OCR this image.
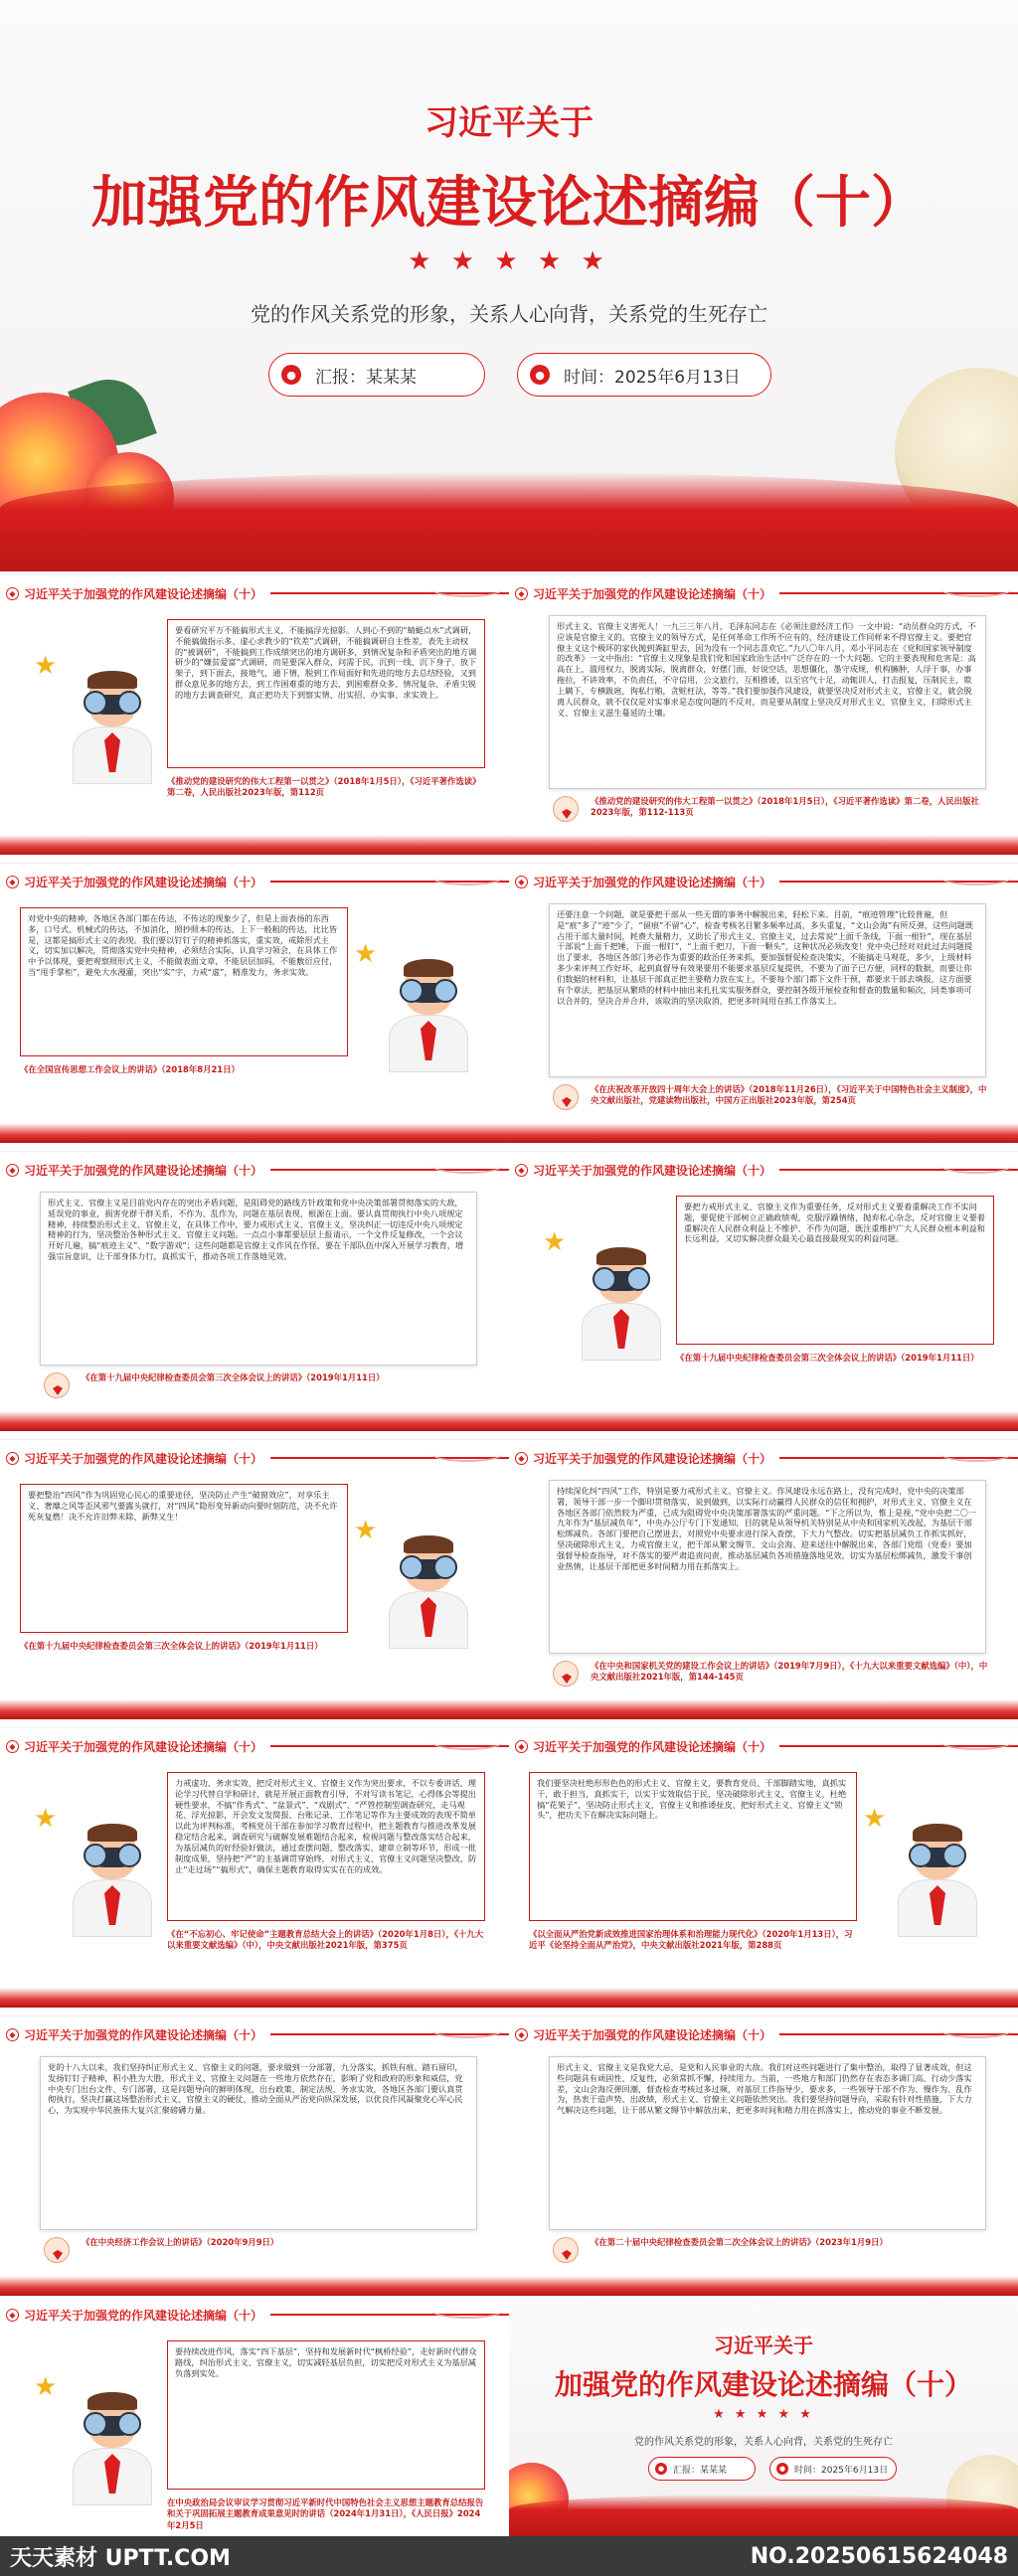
习近平关于
加强党的作风建设论述摘编（十）
★ ★ ★ ★ ★
党的作风关系党的形象，关系人心向背，关系党的生死存亡
●	汇报：某某某	●	时间：2025年6月13日
◆ 习近平关于加强党的作风建设论述摘编（十）
★
要看研究平万不能搞形式主义，不能搞浮光掠影。人到心不到的“蜻蜓点水”式调研，不能搞做指示多、虚心求教少的“钦差”式调研，不能搞调研自主性差，表先主动权的“被调研”，不能搞到工作成绩突出的地方调研多，到情况复杂和矛盾突出的地方调研少的“嫌贫爱富”式调研，而是要深入群众，问需于民，沉到一线、沉下身子，放下架子，到下面去，接地气，通下情，脱到工作局面好和先进的地方去总结经验，又到群众意见多的地方去，到工作困难重的地方去，到困难群众多、情况复杂、矛盾尖锐的地方去调查研究，真正把功夫下到察实情、出实招、办实事、求实效上。
《推动党的建设研究的伟大工程第一以贯之》（2018年1月5日），《习近平著作选读》第二卷，人民出版社2023年版，第112页
◆ 习近平关于加强党的作风建设论述摘编（十）
形式主义、官僚主义害死人！一九三三年八月，毛泽东同志在《必须注意经济工作》一文中说：“动员群众的方式，不应该是官僚主义的。官僚主义的领导方式，是任何革命工作所不应有的，经济建设工作同样来不得官僚主义。要把官僚主义这个极坏的家伙抛到粪缸里去，因为没有一个同志喜欢它。”九八〇年八月，邓小平同志在《党和国家领导制度的改革》一文中指出：“官僚主义现象是我们党和国家政治生活中广泛存在的一个大问题。它的主要表现和危害是：高高在上，滥用权力，脱离实际，脱离群众，好摆门面，好说空话，思想僵化，墨守成规，机构臃肿，人浮于事，办事拖拉，不讲效率，不负责任，不守信用，公文旅行，互相推诿，以至官气十足，动辄训人，打击报复，压制民主，欺上瞒下，专横跋扈，徇私行贿，贪赃枉法，等等。”我们要加强作风建设，就要坚决反对形式主义，官僚主义，就会脱离人民群众，就不仅仅是对实事求是态度问题的不反对，而是要从制度上坚决反对形式主义，官僚主义，扫除形式主义、官僚主义滋生蔓延的土壤。
《推动党的建设研究的伟大工程第一以贯之》（2018年1月5日），《习近平著作选读》第二卷，人民出版社2023年版，第112-113页
◆ 习近平关于加强党的作风建设论述摘编（十）
★
对党中央的精神，各地区各部门都在传达，不传达的现象少了，但是上面表扬的东西多，口号式、机械式的传达，不加消化，照抄照本的传达，上下一般粗的传达，比比皆是，这都是搞形式主义的表现。我们要以钉钉子的精神抓落实，重实效，戒除形式主义，切实加以解决，贯彻落实党中央精神，必须结合实际，认真学习领会，在具体工作中予以体现，要把观察照形式主义，不能做表面文章，不能层层加码，不能敷衍应付，当“甩手掌柜”，避免大水漫灌，突出“实”字，力戒“虚”，精准发力，务求实效。
《在全国宣传思想工作会议上的讲话》（2018年8月21日）
◆ 习近平关于加强党的作风建设论述摘编（十）
还要注意一个问题，就是要把干部从一些无谓的事务中解脱出来，轻松下来。目前，“痕迹管理”比较普遍，但是“痕”多了“迹”少了，“留痕”不留“心”，检查考核名目繁多频率过高，多头重复，“文山会海”有所反弹，这些问题既占用干部大量时间，耗费大量精力，又助长了形式主义、官僚主义，过去常说“上面千条线，下面一根针”，现在基层干部说“上面千把锤，下面一根钉”，“上面千把刀，下面一颗头”，这种状况必须改变！党中央已经对对此过去问题提出了要求，各地区各部门务必作为重要的政治任务来抓，要加强督促检查决策实，不能搞走马观花，多少，上级材料多少来评判工作好坏，起到真督导有效果要用不能要求基层反复提供，不要为了面子已方便，同样的数据，而要让你们数据的材料和，让基层干部真正把主要精力放在实上，不要每个部门都下文件干预，都要求干部去填报，这方面要有个章法，把基层从繁琐的材料中抽出来扎扎实实服务群众，要控制各级开展检查和督查的数量和频次，同类事项可以合并的，坚决合并合并，该取消的坚决取消，把更多时间用在抓工作落实上。
《在庆祝改革开放四十周年大会上的讲话》（2018年11月26日），《习近平关于中国特色社会主义制度》，中央文献出版社，党建读物出版社，中国方正出版社2023年版，第254页
◆ 习近平关于加强党的作风建设论述摘编（十）
形式主义、官僚主义是目前党内存在的突出矛盾问题，是阻碍党的路线方针政策和党中央决策部署贯彻落实的大敌，延误党的事业，损害党群干群关系，不作为、乱作为，问题在基层表现，根源在上面。要认真贯彻执行中央八项规定精神，持续整治形式主义、官僚主义，在具体工作中，要力戒形式主义、官僚主义，坚决纠正一切违反中央八项规定精神的行为，坚决整治各种形式主义、官僚主义问题。一点点小事都要层层上报请示，一个文件反复修改，一个会议开好几遍，搞“痕迹主义”、“数字游戏”；这些问题都是官僚主义作风在作怪，要在干部队伍中深入开展学习教育，增强宗旨意识，让干部身体力行，真抓实干，推动各项工作落地见效。
《在第十九届中央纪律检查委员会第三次全体会议上的讲话》（2019年1月11日）
◆ 习近平关于加强党的作风建设论述摘编（十）
★
要把力戒形式主义、官僚主义作为重要任务，反对形式主义要着重解决工作不实问题，要促使干部树立正确政绩观，克服浮躁情绪，抛弃私心杂念，反对官僚主义要着重解决在人民群众利益上不维护、不作为问题，既注重维护广大人民群众根本利益和长远利益，又切实解决群众最关心最直接最现实的利益问题。
《在第十九届中央纪律检查委员会第三次全体会议上的讲话》（2019年1月11日）
◆ 习近平关于加强党的作风建设论述摘编（十）
★
要把整治“四风”作为巩固党心民心的重要途径，坚决防止产生“破窗效应”，对享乐主义、奢靡之风等歪风邪气要露头就打，对“四风”隐形变异新动向要时刻防范，决不允许死灰复燃！决不允许旧弊未除、新弊又生！
《在第十九届中央纪律检查委员会第三次全体会议上的讲话》（2019年1月11日）
◆ 习近平关于加强党的作风建设论述摘编（十）
持续深化纠“四风”工作，特别是要力戒形式主义、官僚主义。作风建设永远在路上，没有完成时，党中央的决策部署，领导干部一步一个脚印贯彻落实，说到做到，以实际行动赢得人民群众的信任和拥护，对形式主义、官僚主义在各地区各部门依然较为严重，已成为阻碍党中央决策部署落实的严重问题。“下之所以为，惟上是视，”党中央把二〇一九年作为“基层减负年”，中央办公厅专门下发通知，目的就是从领导机关特别是从中央和国家机关改起，为基层干部松绑减负。各部门要把自己摆进去，对照党中央要求进行深入查摆，下大力气整改。切实把基层减负工作抓实抓好，坚决破除形式主义，力戒官僚主义，把干部从繁文缛节、文山会海、迎来送往中解脱出来，各部门党组（党委）要加强督导检查指导，对不落实的要严肃追责问责，推动基层减负各项措施落地见效，切实为基层松绑减负，激发干事创业热情，让基层干部把更多时间精力用在抓落实上。
《在中央和国家机关党的建设工作会议上的讲话》（2019年7月9日），《十九大以来重要文献选编》（中），中央文献出版社2021年版，第144-145页
◆ 习近平关于加强党的作风建设论述摘编（十）
★
力戒虚功、务求实效，把反对形式主义、官僚主义作为突出要求，不以专委讲话、理论学习代替自学和研讨，就是开展正面教育引导，不对写读书笔记，心得体会等提出硬性要求，不搞“作秀式”、“盆景式”、“戏剧式”、“严管控制型调查研究，走马观花、浮光掠影，开会发文发简报、台账记录、工作笔记等作为主要成效的表现不简单以此为评判标准，考核党员干部在参加学习教育过程中，把主题教育与推进改革发展稳定结合起来，调查研究与破解发展难题结合起来，检视问题与整改落实结合起来，为基层减负的好经验好做法，通过查摆问题、整改落实、建章立制等环节，形成一批制度成果，坚持把“严”的主基调贯穿始终，对形式主义、官僚主义问题坚决整改，防止“走过场”“搞形式”，确保主题教育取得实实在在的成效。
《在“不忘初心、牢记使命”主题教育总结大会上的讲话》（2020年1月8日），《十九大以来重要文献选编》（中），中央文献出版社2021年版，第375页
◆ 习近平关于加强党的作风建设论述摘编（十）
★
我们要坚决杜绝形形色色的形式主义、官僚主义，要教育党员、干部脚踏实地，真抓实干，敢于担当，真抓实干，以实干实效取信于民，坚决破除形式主义、官僚主义，杜绝搞“花架子”，坚决防止形式主义，官僚主义和推诿扯皮，把好形式主义、官僚主义“锁头”，把功夫下在解决实际问题上。
《以全面从严治党新成效推进国家治理体系和治理能力现代化》（2020年1月13日），习近平《论坚持全面从严治党》，中央文献出版社2021年版，第288页
◆ 习近平关于加强党的作风建设论述摘编（十）
党的十八大以来，我们坚持纠正形式主义、官僚主义的问题，要求做到一分部署，九分落实，抓铁有痕、踏石留印，发扬钉钉子精神，积小胜为大胜，形式主义、官僚主义问题在一些地方依然存在，影响了党和政府的形象和威信，党中央专门出台文件、专门部署，这是问题导向的鲜明体现，出台政策、制定法规，务求实效，各地区各部门要认真贯彻执行，坚决打赢这场整治形式主义、官僚主义的硬仗，推动全面从严治党向纵深发展，以优良作风凝聚党心军心民心，为实现中华民族伟大复兴汇聚磅礴力量。
《在中央经济工作会议上的讲话》（2020年9月9日）
◆ 习近平关于加强党的作风建设论述摘编（十）
形式主义、官僚主义是我党大忌，是党和人民事业的大敌。我们对这些问题进行了集中整治，取得了显著成效，但这些问题具有顽固性、反复性，必须常抓不懈，持续用力。当前，一些地方和部门仍然存在表态多调门高、行动少落实差，文山会海反弹回潮，督查检查考核过多过频，对基层工作指导少，要求多，一些领导干部不作为、慢作为、乱作为，热衷于造声势、出政绩，形式主义、官僚主义问题依然突出。我们要坚持问题导向，采取有针对性措施，下大力气解决这些问题，让干部从繁文缛节中解放出来，把更多时间和精力用在抓落实上，推动党的事业不断发展。
《在第二十届中央纪律检查委员会第二次全体会议上的讲话》（2023年1月9日）
◆ 习近平关于加强党的作风建设论述摘编（十）
★
要持续改进作风，落实“四下基层”，坚持和发展新时代“枫桥经验”，走好新时代群众路线，纠治形式主义、官僚主义，切实减轻基层负担，切实把反对形式主义为基层减负落到实处。
在中央政治局会议审议学习贯彻习近平新时代中国特色社会主义思想主题教育总结报告和关于巩固拓展主题教育成果意见时的讲话（2024年1月31日），《人民日报》2024年2月5日
习近平关于
加强党的作风建设论述摘编（十）
★ ★ ★ ★ ★
党的作风关系党的形象，关系人心向背，关系党的生死存亡
● 汇报：某某某	● 时间：2025年6月13日
天天素材 UPTT.COM	NO.20250615624048
